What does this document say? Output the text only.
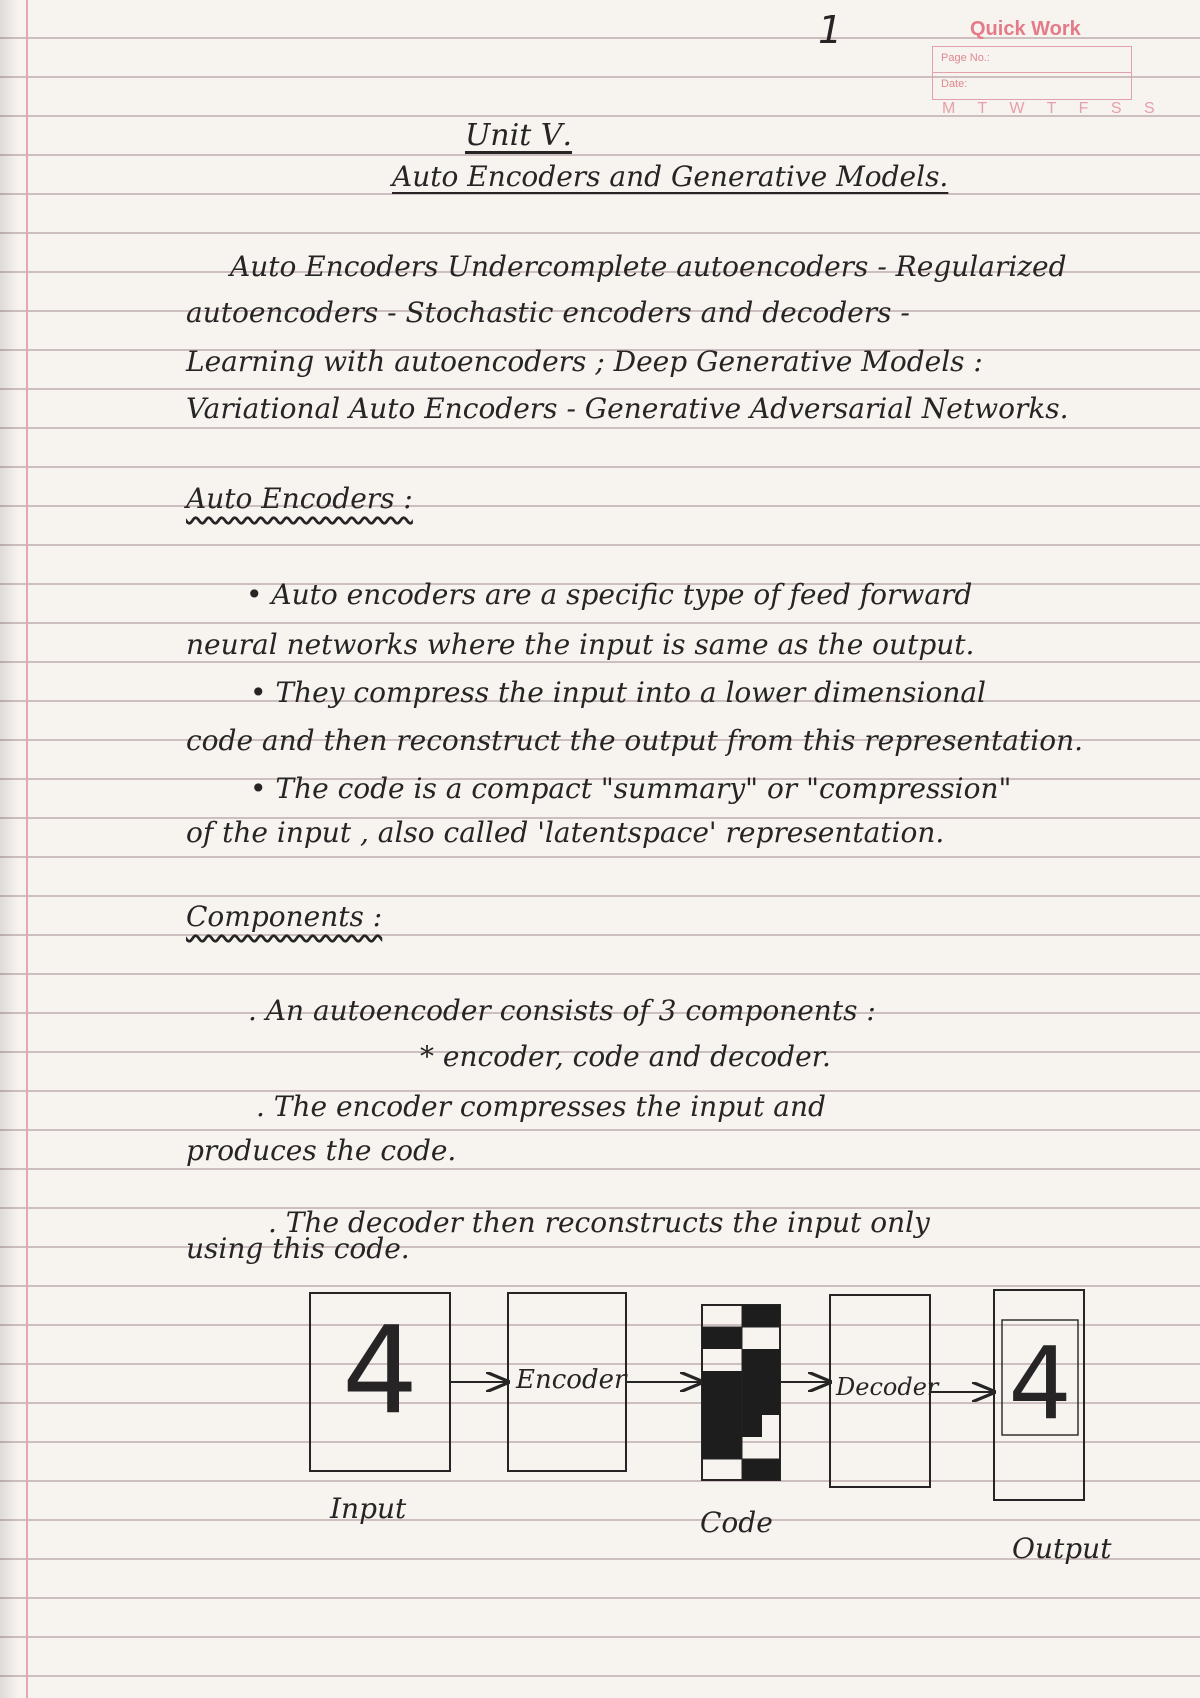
1	Quick Work
Page No.:
Date:
M T W T F S S
Unit Ⅴ.
Auto Encoders and Generative Models.
Auto Encoders Undercomplete autoencoders - Regularized
autoencoders - Stochastic encoders and decoders -
Learning with autoencoders ; Deep Generative Models :
Variational Auto Encoders - Generative Adversarial Networks.
Auto Encoders :
• Auto encoders are a specific type of feed forward
neural networks where the input is same as the output.
• They compress the input into a lower dimensional
code and then reconstruct the output from this representation.
• The code is a compact "summary" or "compression"
of the input , also called 'latentspace' representation.
Components :
. An autoencoder consists of 3 components :
* encoder, code and decoder.
. The encoder compresses the input and
produces the code.
. The decoder then reconstructs the input only
using this code.
4	Encoder	Decoder 4
Input	Code
Output
